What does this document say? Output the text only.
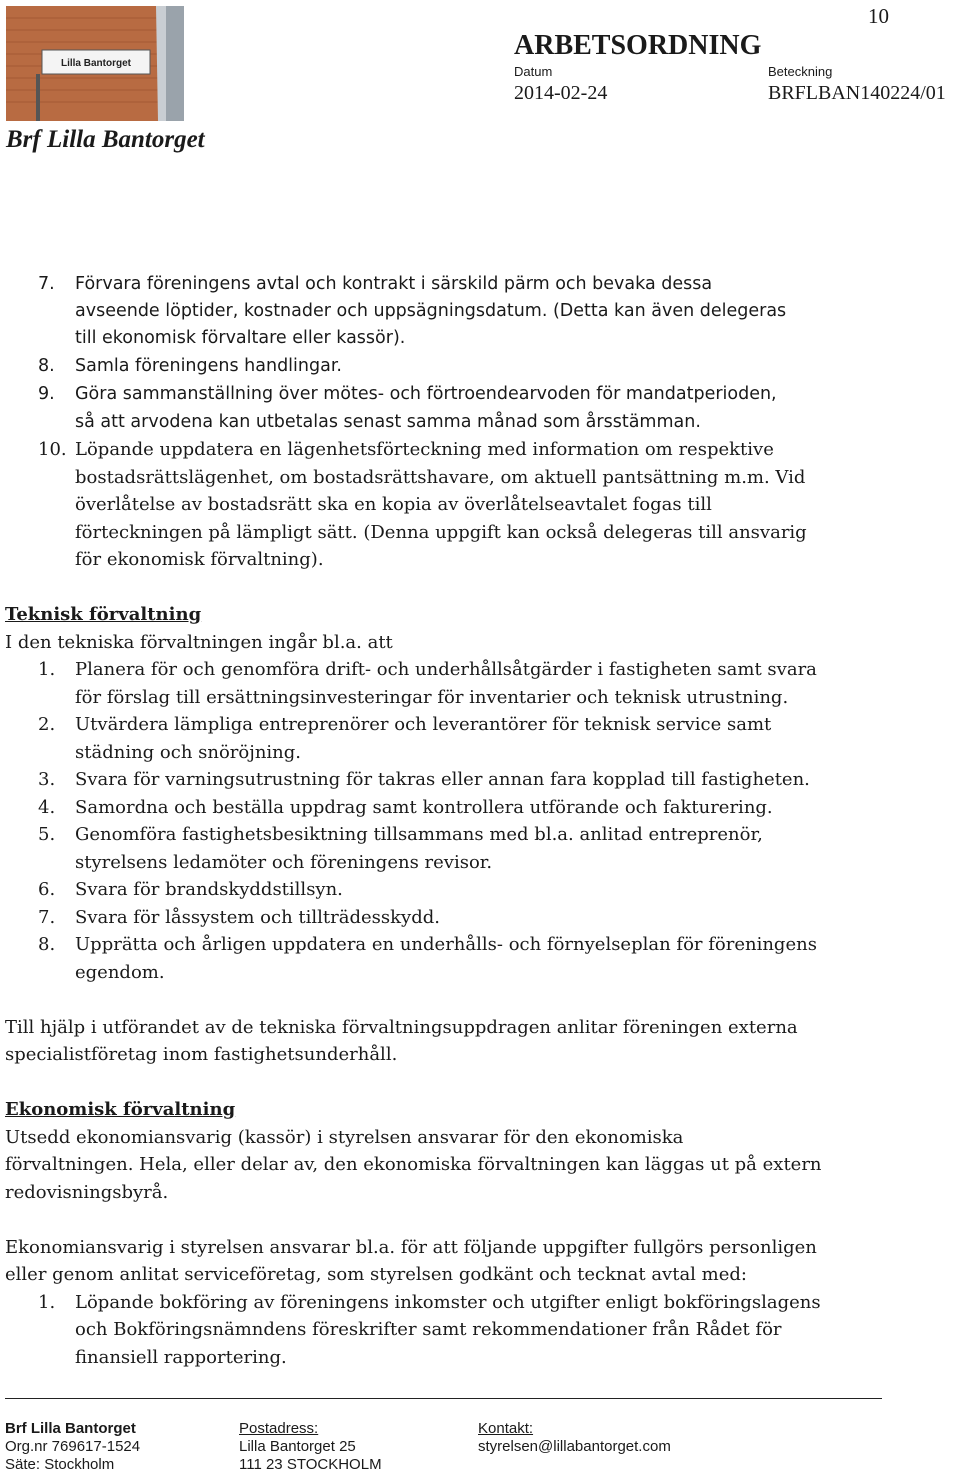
Lilla Bantorget
Brf Lilla Bantorget
10
ARBETSORDNING
Datum	Beteckning
2014-02-24	BRFLBAN140224/01
7. Förvara föreningens avtal och kontrakt i särskild pärm och bevaka dessa
avseende löptider, kostnader och uppsägningsdatum. (Detta kan även delegeras
till ekonomisk förvaltare eller kassör).
8. Samla föreningens handlingar.
9. Göra sammanställning över mötes- och förtroendearvoden för mandatperioden,
så att arvodena kan utbetalas senast samma månad som årsstämman.
10. Löpande uppdatera en lägenhetsförteckning med information om respektive
bostadsrättslägenhet, om bostadsrättshavare, om aktuell pantsättning m.m. Vid
överlåtelse av bostadsrätt ska en kopia av överlåtelseavtalet fogas till
förteckningen på lämpligt sätt. (Denna uppgift kan också delegeras till ansvarig
för ekonomisk förvaltning).
Teknisk förvaltning
I den tekniska förvaltningen ingår bl.a. att
1. Planera för och genomföra drift- och underhållsåtgärder i fastigheten samt svara
för förslag till ersättningsinvesteringar för inventarier och teknisk utrustning.
2. Utvärdera lämpliga entreprenörer och leverantörer för teknisk service samt
städning och snöröjning.
3. Svara för varningsutrustning för takras eller annan fara kopplad till fastigheten.
4. Samordna och beställa uppdrag samt kontrollera utförande och fakturering.
5. Genomföra fastighetsbesiktning tillsammans med bl.a. anlitad entreprenör,
styrelsens ledamöter och föreningens revisor.
6. Svara för brandskyddstillsyn.
7. Svara för låssystem och tillträdesskydd.
8. Upprätta och årligen uppdatera en underhålls- och förnyelseplan för föreningens
egendom.
Till hjälp i utförandet av de tekniska förvaltningsuppdragen anlitar föreningen externa
specialistföretag inom fastighetsunderhåll.
Ekonomisk förvaltning
Utsedd ekonomiansvarig (kassör) i styrelsen ansvarar för den ekonomiska
förvaltningen. Hela, eller delar av, den ekonomiska förvaltningen kan läggas ut på extern
redovisningsbyrå.
Ekonomiansvarig i styrelsen ansvarar bl.a. för att följande uppgifter fullgörs personligen
eller genom anlitat serviceföretag, som styrelsen godkänt och tecknat avtal med:
1. Löpande bokföring av föreningens inkomster och utgifter enligt bokföringslagens
och Bokföringsnämndens föreskrifter samt rekommendationer från Rådet för
finansiell rapportering.
Brf Lilla Bantorget
Org.nr 769617-1524
Säte: Stockholm
Postadress:
Lilla Bantorget 25
111 23 STOCKHOLM
Kontakt:
styrelsen@lillabantorget.com
